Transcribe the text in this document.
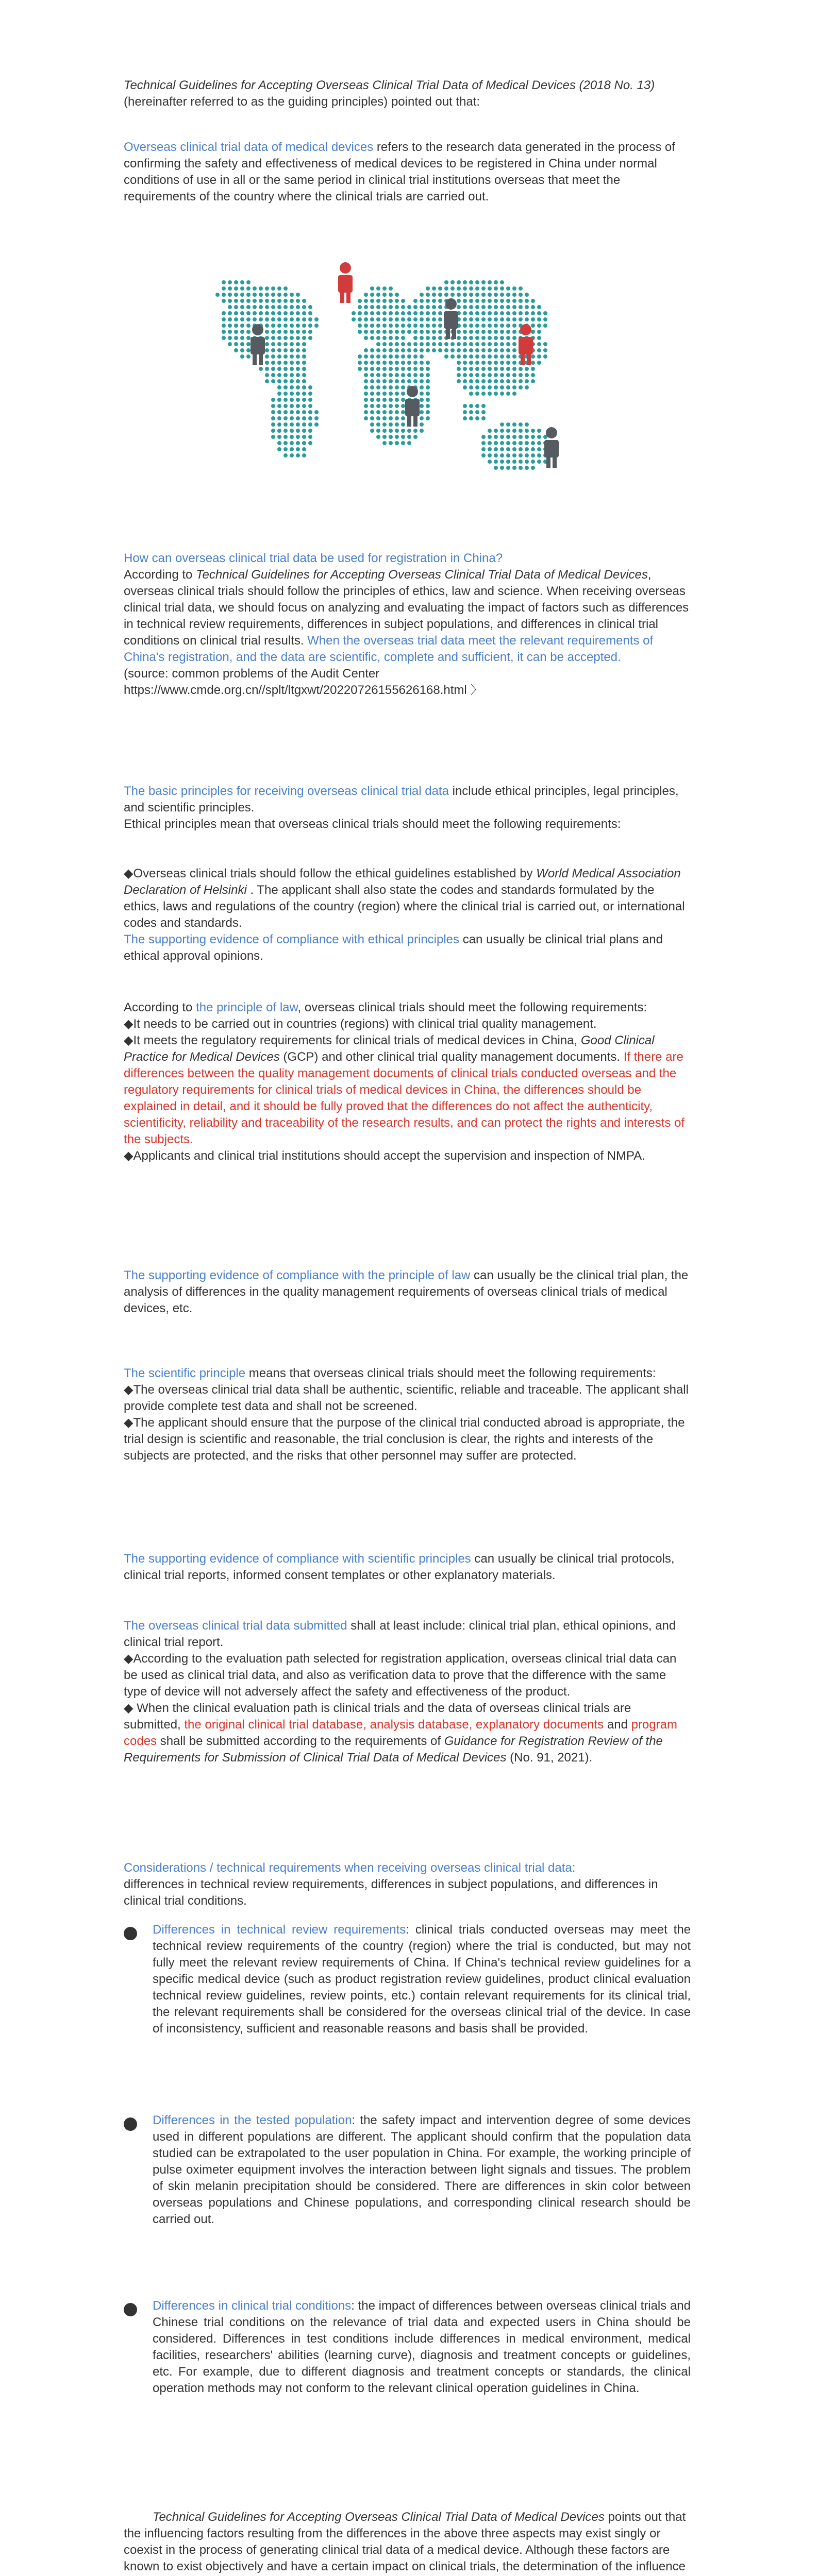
Technical Guidelines for Accepting Overseas Clinical Trial Data of Medical Devices (2018 No. 13) (hereinafter referred to as the guiding principles) pointed out that:

Overseas clinical trial data of medical devices refers to the research data generated in the process of confirming the safety and effectiveness of medical devices to be registered in China under normal conditions of use in all or the same period in clinical trial institutions overseas that meet the requirements of the country where the clinical trials are carried out.

How can overseas clinical trial data be used for registration in China?

According to Technical Guidelines for Accepting Overseas Clinical Trial Data of Medical Devices, overseas clinical trials should follow the principles of ethics, law and science. When receiving overseas clinical trial data, we should focus on analyzing and evaluating the impact of factors such as differences in technical review requirements, differences in subject populations, and differences in clinical trial conditions on clinical trial results. When the overseas trial data meet the relevant requirements of China's registration, and the data are scientific, complete and sufficient, it can be accepted.

(source: common problems of the Audit Center

https://www.cmde.org.cn//splt/ltgxwt/20220726155626168.html 〉

The basic principles for receiving overseas clinical trial data include ethical principles, legal principles, and scientific principles.

Ethical principles mean that overseas clinical trials should meet the following requirements:

◆Overseas clinical trials should follow the ethical guidelines established by World Medical Association Declaration of Helsinki . The applicant shall also state the codes and standards formulated by the ethics, laws and regulations of the country (region) where the clinical trial is carried out, or international codes and standards.

The supporting evidence of compliance with ethical principles can usually be clinical trial plans and ethical approval opinions.

According to the principle of law, overseas clinical trials should meet the following requirements:

◆It needs to be carried out in countries (regions) with clinical trial quality management.

◆It meets the regulatory requirements for clinical trials of medical devices in China, Good Clinical Practice for Medical Devices (GCP) and other clinical trial quality management documents. If there are differences between the quality management documents of clinical trials conducted overseas and the regulatory requirements for clinical trials of medical devices in China, the differences should be explained in detail, and it should be fully proved that the differences do not affect the authenticity, scientificity, reliability and traceability of the research results, and can protect the rights and interests of the subjects.

◆Applicants and clinical trial institutions should accept the supervision and inspection of NMPA.

The supporting evidence of compliance with the principle of law can usually be the clinical trial plan, the analysis of differences in the quality management requirements of overseas clinical trials of medical devices, etc.

The scientific principle means that overseas clinical trials should meet the following requirements:

◆The overseas clinical trial data shall be authentic, scientific, reliable and traceable. The applicant shall provide complete test data and shall not be screened.

◆The applicant should ensure that the purpose of the clinical trial conducted abroad is appropriate, the trial design is scientific and reasonable, the trial conclusion is clear, the rights and interests of the subjects are protected, and the risks that other personnel may suffer are protected.

The supporting evidence of compliance with scientific principles can usually be clinical trial protocols, clinical trial reports, informed consent templates or other explanatory materials.

The overseas clinical trial data submitted shall at least include: clinical trial plan, ethical opinions, and clinical trial report.

◆According to the evaluation path selected for registration application, overseas clinical trial data can be used as clinical trial data, and also as verification data to prove that the difference with the same type of device will not adversely affect the safety and effectiveness of the product.

◆ When the clinical evaluation path is clinical trials and the data of overseas clinical trials are submitted, the original clinical trial database, analysis database, explanatory documents and program codes shall be submitted according to the requirements of Guidance for Registration Review of the Requirements for Submission of Clinical Trial Data of Medical Devices (No. 91, 2021).

Considerations / technical requirements when receiving overseas clinical trial data:

differences in technical review requirements, differences in subject populations, and differences in clinical trial conditions.

Differences in technical review requirements: clinical trials conducted overseas may meet the technical review requirements of the country (region) where the trial is conducted, but may not fully meet the relevant review requirements of China. If China's technical review guidelines for a specific medical device (such as product registration review guidelines, product clinical evaluation technical review guidelines, review points, etc.) contain relevant requirements for its clinical trial, the relevant requirements shall be considered for the overseas clinical trial of the device. In case of inconsistency, sufficient and reasonable reasons and basis shall be provided.

Differences in the tested population: the safety impact and intervention degree of some devices used in different populations are different. The applicant should confirm that the population data studied can be extrapolated to the user population in China. For example, the working principle of pulse oximeter equipment involves the interaction between light signals and tissues. The problem of skin melanin precipitation should be considered. There are differences in skin color between overseas populations and Chinese populations, and corresponding clinical research should be carried out.

Differences in clinical trial conditions: the impact of differences between overseas clinical trials and Chinese trial conditions on the relevance of trial data and expected users in China should be considered. Differences in test conditions include differences in medical environment, medical facilities, researchers' abilities (learning curve), diagnosis and treatment concepts or guidelines, etc. For example, due to different diagnosis and treatment concepts or standards, the clinical operation methods may not conform to the relevant clinical operation guidelines in China.

Technical Guidelines for Accepting Overseas Clinical Trial Data of Medical Devices points out that the influencing factors resulting from the differences in the above three aspects may exist singly or coexist in the process of generating clinical trial data of a medical device. Although these factors are known to exist objectively and have a certain impact on clinical trials, the determination of the influence
